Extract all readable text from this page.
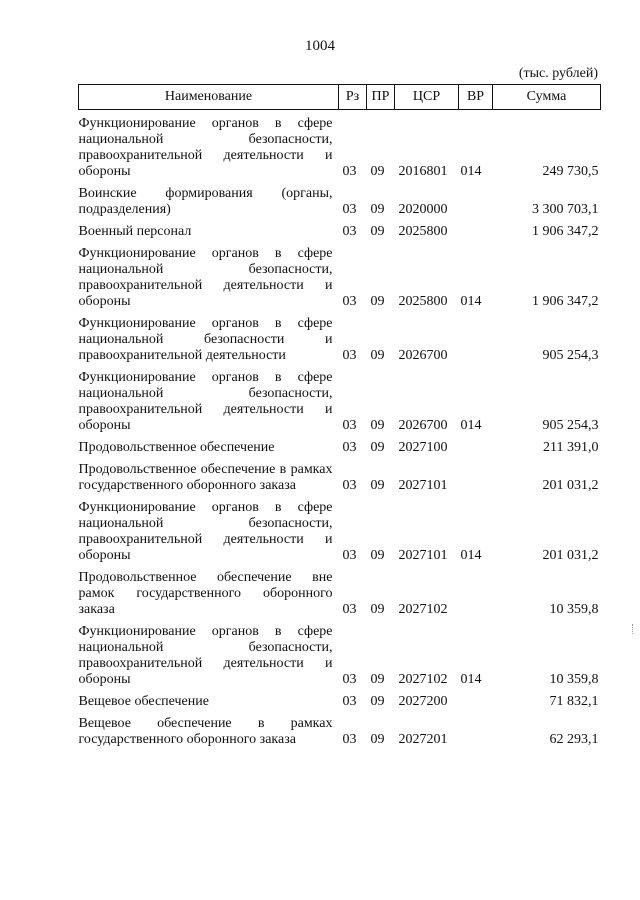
1004
(тыс. рублей)
Наименование	Рз	ПР	ЦСР	ВР	Сумма
Функционирование органов в сфере национальной безопасности, правоохранительной деятельности и обороны	03	09	2016801	014	249 730,5
Воинские формирования (органы, подразделения)	03	09	2020000		3 300 703,1
Военный персонал	03	09	2025800		1 906 347,2
Функционирование органов в сфере национальной безопасности, правоохранительной деятельности и обороны	03	09	2025800	014	1 906 347,2
Функционирование органов в сфере национальной безопасности и правоохранительной деятельности	03	09	2026700		905 254,3
Функционирование органов в сфере национальной безопасности, правоохранительной деятельности и обороны	03	09	2026700	014	905 254,3
Продовольственное обеспечение	03	09	2027100		211 391,0
Продовольственное обеспечение в рамках государственного оборонного заказа	03	09	2027101		201 031,2
Функционирование органов в сфере национальной безопасности, правоохранительной деятельности и обороны	03	09	2027101	014	201 031,2
Продовольственное обеспечение вне рамок государственного оборонного заказа	03	09	2027102		10 359,8
Функционирование органов в сфере национальной безопасности, правоохранительной деятельности и обороны	03	09	2027102	014	10 359,8
Вещевое обеспечение	03	09	2027200		71 832,1
Вещевое обеспечение в рамках государственного оборонного заказа	03	09	2027201		62 293,1
